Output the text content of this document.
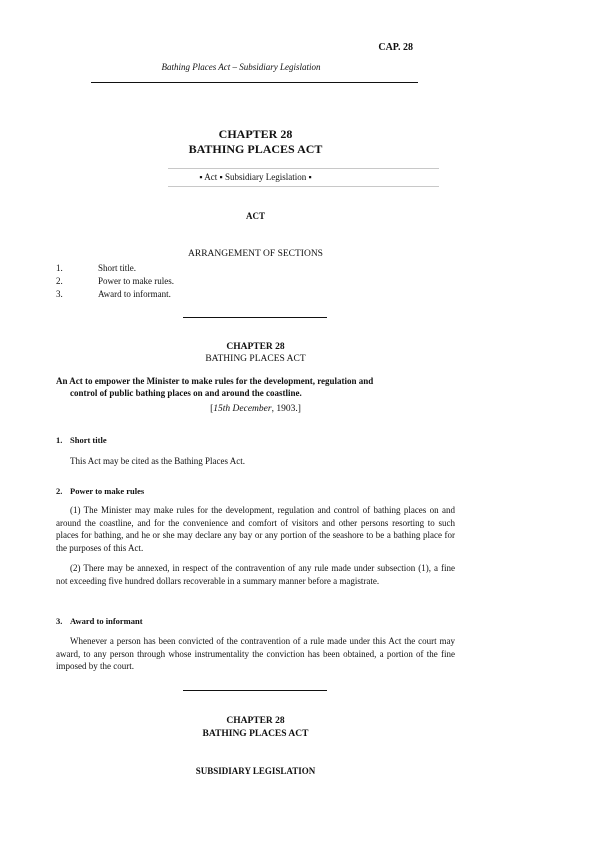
CAP. 28
Bathing Places Act – Subsidiary Legislation
CHAPTER 28
BATHING PLACES ACT
▪ Act ▪ Subsidiary Legislation ▪
ACT
ARRANGEMENT OF SECTIONS
1.	Short title.
2.	Power to make rules.
3.	Award to informant.
CHAPTER 28
BATHING PLACES ACT
An Act to empower the Minister to make rules for the development, regulation and
control of public bathing places on and around the coastline.
[15th December, 1903.]
1. Short title
This Act may be cited as the Bathing Places Act.
2. Power to make rules
(1) The Minister may make rules for the development, regulation and control of bathing places on and around the coastline, and for the convenience and comfort of visitors and other persons resorting to such places for bathing, and he or she may declare any bay or any portion of the seashore to be a bathing place for the purposes of this Act.
(2) There may be annexed, in respect of the contravention of any rule made under subsection (1), a fine not exceeding five hundred dollars recoverable in a summary manner before a magistrate.
3. Award to informant
Whenever a person has been convicted of the contravention of a rule made under this Act the court may award, to any person through whose instrumentality the conviction has been obtained, a portion of the fine imposed by the court.
CHAPTER 28
BATHING PLACES ACT
SUBSIDIARY LEGISLATION
